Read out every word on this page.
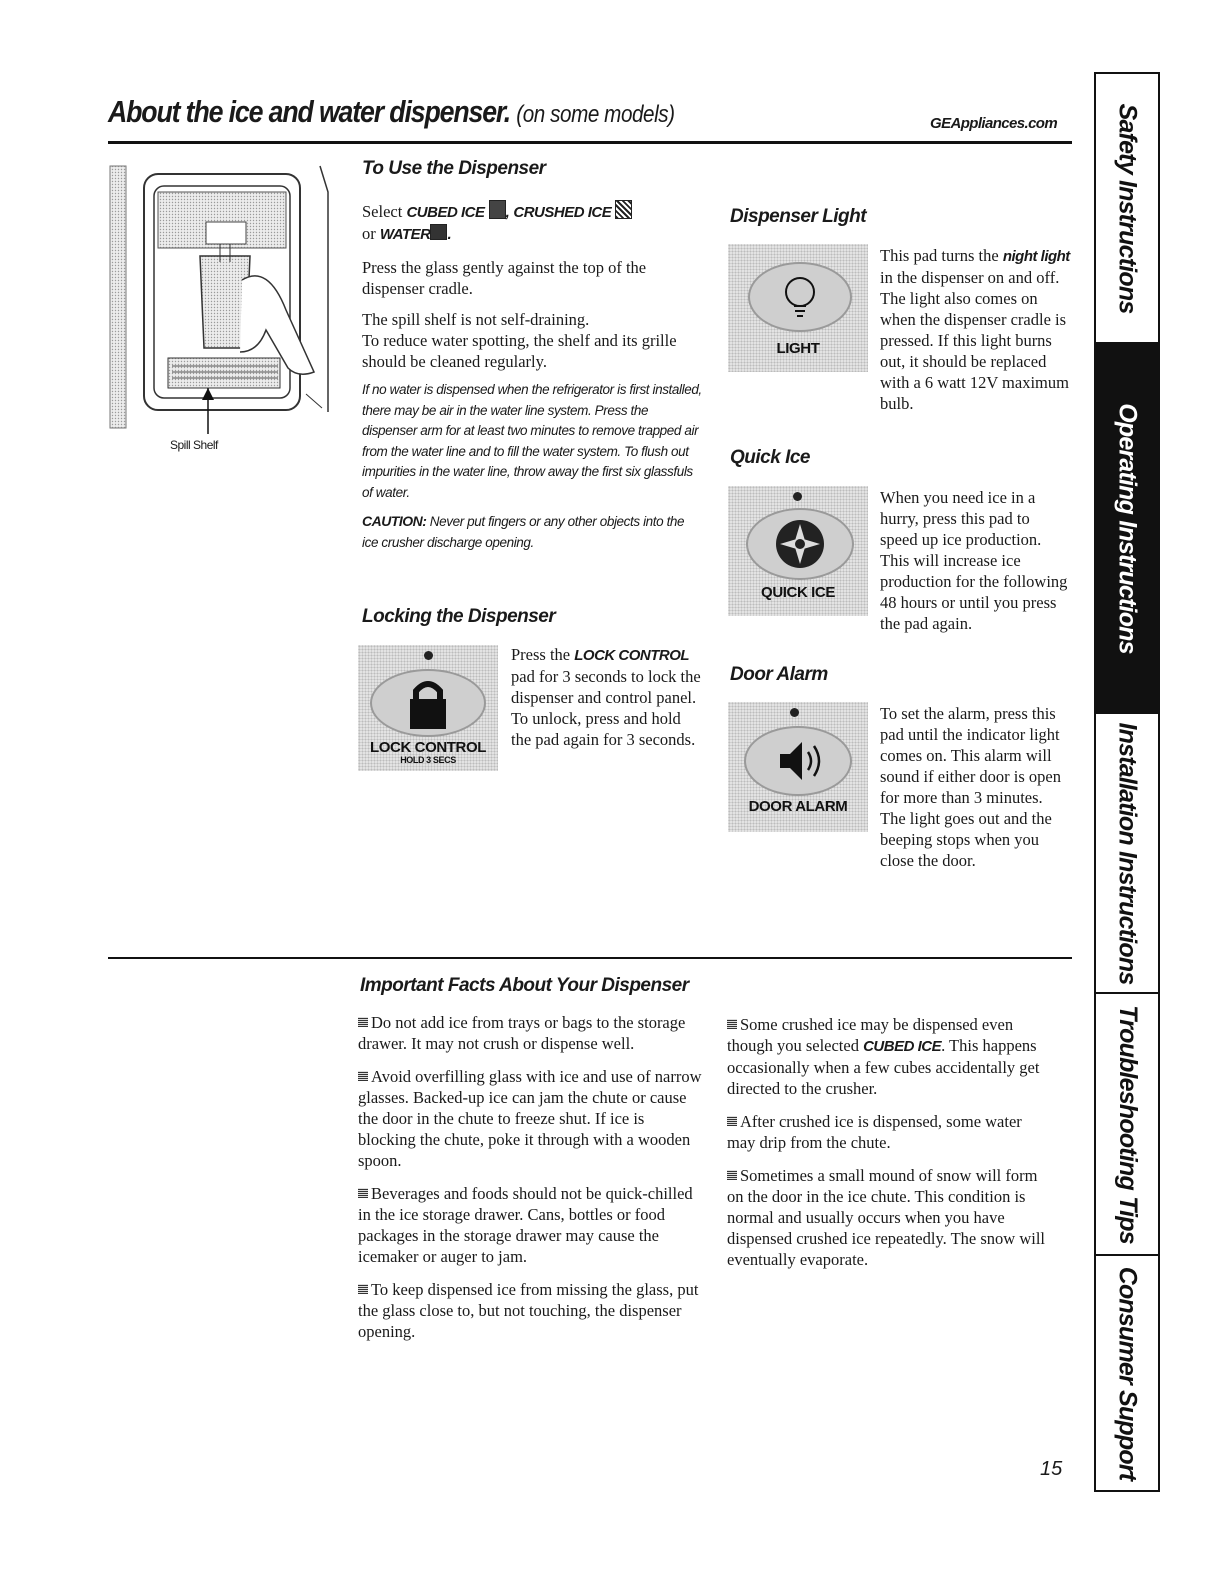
About the ice and water dispenser. (on some models)	GEAppliances.com
Spill Shelf
To Use the Dispenser

Select CUBED ICE , CRUSHED ICE
or WATER .

Press the glass gently against the top of the dispenser cradle.

The spill shelf is not self-draining.
To reduce water spotting, the shelf and its grille should be cleaned regularly.

If no water is dispensed when the refrigerator is first installed, there may be air in the water line system. Press the dispenser arm for at least two minutes to remove trapped air from the water line and to fill the water system. To flush out impurities in the water line, throw away the first six glassfuls of water.

CAUTION: Never put fingers or any other objects into the ice crusher discharge opening.

Locking the Dispenser
LOCK CONTROL
HOLD 3 SECS
Press the LOCK CONTROL pad for 3 seconds to lock the dispenser and control panel. To unlock, press and hold the pad again for 3 seconds.
Dispenser Light
LIGHT
This pad turns the night light in the dispenser on and off. The light also comes on when the dispenser cradle is pressed. If this light burns out, it should be replaced with a 6 watt 12V maximum bulb.
Quick Ice
QUICK ICE
When you need ice in a hurry, press this pad to speed up ice production. This will increase ice production for the following 48 hours or until you press the pad again.
Door Alarm
DOOR ALARM
To set the alarm, press this pad until the indicator light comes on. This alarm will sound if either door is open for more than 3 minutes. The light goes out and the beeping stops when you close the door.
Important Facts About Your Dispenser

Do not add ice from trays or bags to the storage drawer. It may not crush or dispense well.

Avoid overfilling glass with ice and use of narrow glasses. Backed-up ice can jam the chute or cause the door in the chute to freeze shut. If ice is blocking the chute, poke it through with a wooden spoon.

Beverages and foods should not be quick-chilled in the ice storage drawer. Cans, bottles or food packages in the storage drawer may cause the icemaker or auger to jam.

To keep dispensed ice from missing the glass, put the glass close to, but not touching, the dispenser opening.

Some crushed ice may be dispensed even though you selected CUBED ICE. This happens occasionally when a few cubes accidentally get directed to the crusher.

After crushed ice is dispensed, some water may drip from the chute.

Sometimes a small mound of snow will form on the door in the ice chute. This condition is normal and usually occurs when you have dispensed crushed ice repeatedly. The snow will eventually evaporate.

15
Safety Instructions
Operating Instructions
Installation Instructions
Troubleshooting Tips
Consumer Support
